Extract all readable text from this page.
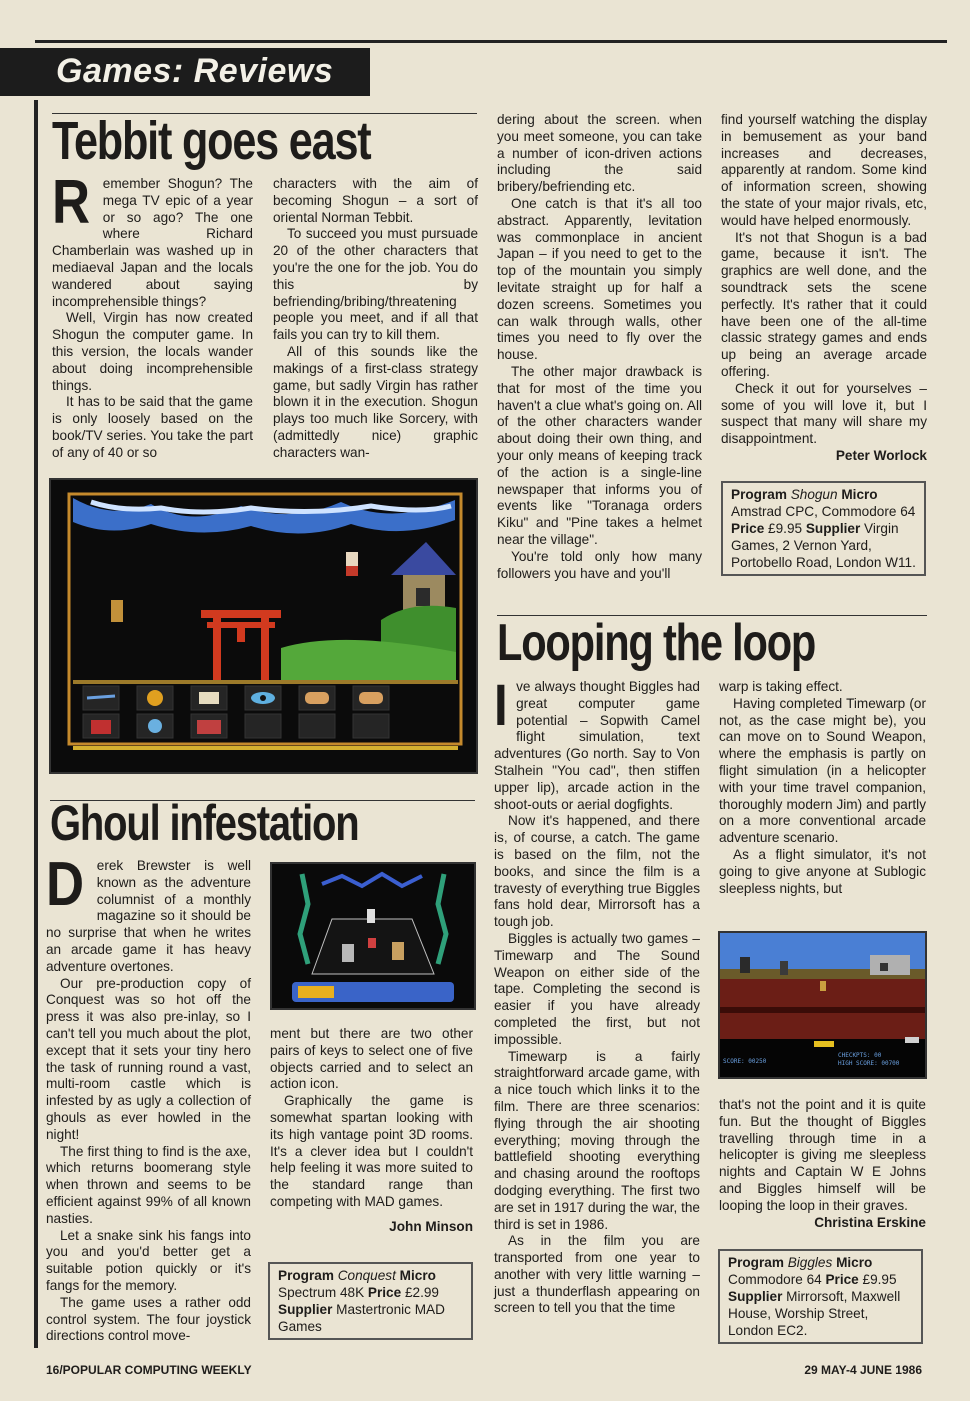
Games: Reviews
Tebbit goes east
R emember Shogun? The mega TV epic of a year or so ago? The one where Richard Chamberlain was washed up in mediaeval Japan and the locals wandered about saying incomprehensible things?

Well, Virgin has now created Shogun the computer game. In this version, the locals wander about doing incomprehensible things.

It has to be said that the game is only loosely based on the book/TV series. You take the part of any of 40 or so

characters with the aim of becoming Shogun – a sort of oriental Norman Tebbit.

To succeed you must pursuade 20 of the other characters that you're the one for the job. You do this by befriending/bribing/threatening people you meet, and if all that fails you can try to kill them.

All of this sounds like the makings of a first-class strategy game, but sadly Virgin has rather blown it in the execution. Shogun plays too much like Sorcery, with (admittedly nice) graphic characters wan-

dering about the screen. when you meet someone, you can take a number of icon-driven actions including the said bribery/befriending etc.

One catch is that it's all too abstract. Apparently, levitation was commonplace in ancient Japan – if you need to get to the top of the mountain you simply levitate straight up for half a dozen screens. Sometimes you can walk through walls, other times you need to fly over the house.

The other major drawback is that for most of the time you haven't a clue what's going on. All of the other characters wander about doing their own thing, and your only means of keeping track of the action is a single-line newspaper that informs you of events like "Toranaga orders Kiku" and "Pine takes a helmet near the village".

You're told only how many followers you have and you'll

find yourself watching the display in bemusement as your band increases and decreases, apparently at random. Some kind of information screen, showing the state of your major rivals, etc, would have helped enormously.

It's not that Shogun is a bad game, because it isn't. The graphics are well done, and the soundtrack sets the scene perfectly. It's rather that it could have been one of the all-time classic strategy games and ends up being an average arcade offering.

Check it out for yourselves – some of you will love it, but I suspect that many will share my disappointment.

Peter Worlock
Program Shogun Micro Amstrad CPC, Commodore 64 Price £9.95 Supplier Virgin Games, 2 Vernon Yard, Portobello Road, London W11.
Ghoul infestation
D erek Brewster is well known as the adventure columnist of a monthly magazine so it should be no surprise that when he writes an arcade game it has heavy adventure overtones.

Our pre-production copy of Conquest was so hot off the press it was also pre-inlay, so I can't tell you much about the plot, except that it sets your tiny hero the task of running round a vast, multi-room castle which is infested by as ugly a collection of ghouls as ever howled in the night!

The first thing to find is the axe, which returns boomerang style when thrown and seems to be efficient against 99% of all known nasties.

Let a snake sink his fangs into you and you'd better get a suitable potion quickly or it's fangs for the memory.

The game uses a rather odd control system. The four joystick directions control move-

ment but there are two other pairs of keys to select one of five objects carried and to select an action icon.

Graphically the game is somewhat spartan looking with its high vantage point 3D rooms. It's a clever idea but I couldn't help feeling it was more suited to the standard range than competing with MAD games.

John Minson
Program Conquest Micro Spectrum 48K Price £2.99 Supplier Mastertronic MAD Games
Looping the loop
I ve always thought Biggles had great computer game potential – Sopwith Camel flight simulation, text adventures (Go north. Say to Von Stalhein "You cad", then stiffen upper lip), arcade action in the shoot-outs or aerial dogfights.

Now it's happened, and there is, of course, a catch. The game is based on the film, not the books, and since the film is a travesty of everything true Biggles fans hold dear, Mirrorsoft has a tough job.

Biggles is actually two games – Timewarp and The Sound Weapon on either side of the tape. Completing the second is easier if you have already completed the first, but not impossible.

Timewarp is a fairly straightforward arcade game, with a nice touch which links it to the film. There are three scenarios: flying through the air shooting everything; moving through the battlefield shooting everything and chasing around the rooftops dodging everything. The first two are set in 1917 during the war, the third is set in 1986.

As in the film you are transported from one year to another with very little warning – just a thunderflash appearing on screen to tell you that the time

warp is taking effect.

Having completed Timewarp (or not, as the case might be), you can move on to Sound Weapon, where the emphasis is partly on flight simulation (in a helicopter with your time travel companion, thoroughly modern Jim) and partly on a more conventional arcade adventure scenario.

As a flight simulator, it's not going to give anyone at Sublogic sleepless nights, but

SCORE: 00250
CHECKPTS: 00
HIGH SCORE: 00700

that's not the point and it is quite fun. But the thought of Biggles travelling through time in a helicopter is giving me sleepless nights and Captain W E Johns and Biggles himself will be looping the loop in their graves.

Christina Erskine
Program Biggles Micro Commodore 64 Price £9.95 Supplier Mirrorsoft, Maxwell House, Worship Street, London EC2.
16/POPULAR COMPUTING WEEKLY	29 MAY-4 JUNE 1986
